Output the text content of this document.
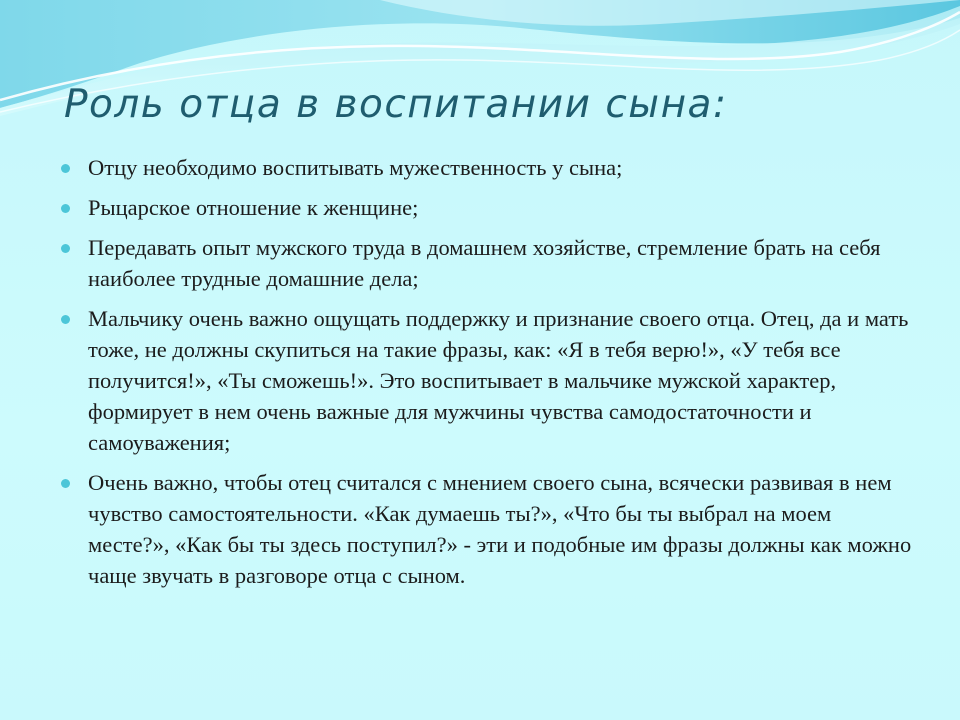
Роль отца в воспитании сына:
Отцу необходимо воспитывать мужественность у сына;
Рыцарское отношение к женщине;
Передавать опыт мужского труда в домашнем хозяйстве, стремление брать на себя наиболее трудные домашние дела;
Мальчику очень важно ощущать поддержку и признание своего отца. Отец, да и мать тоже, не должны скупиться на такие фразы, как: «Я в тебя верю!», «У тебя все получится!», «Ты сможешь!». Это воспитывает в мальчике мужской характер, формирует в нем очень важные для мужчины чувства самодостаточности и самоуважения;
Очень важно, чтобы отец считался с мнением своего сына, всячески развивая в нем чувство самостоятельности. «Как думаешь ты?», «Что бы ты выбрал на моем месте?», «Как бы ты здесь поступил?» - эти и подобные им фразы должны как можно чаще звучать в разговоре отца с сыном.
